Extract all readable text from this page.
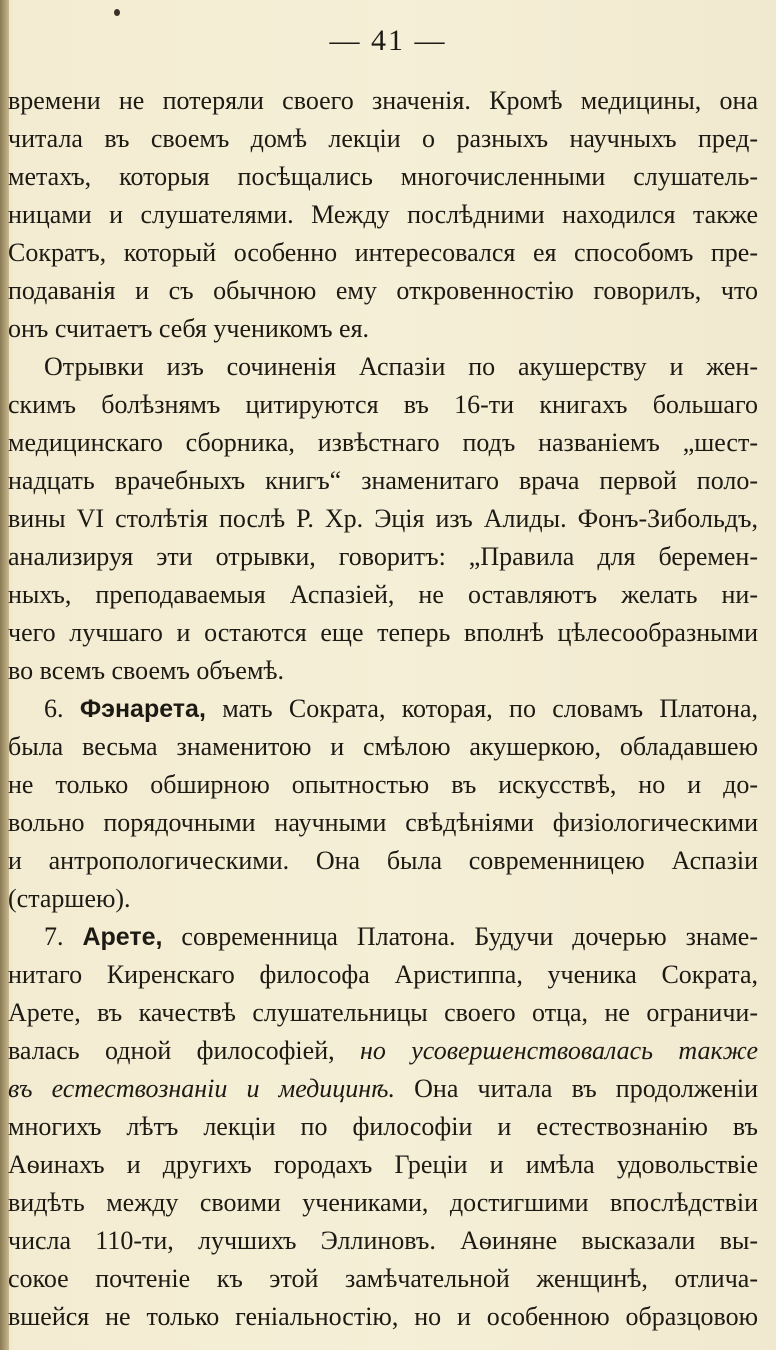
— 41 —
времени не потеряли своего значенія. Кромѣ медицины, она
читала въ своемъ домѣ лекціи о разныхъ научныхъ пред-
метахъ, которыя посѣщались многочисленными слушатель-
ницами и слушателями. Между послѣдними находился также
Сократъ, который особенно интересовался ея способомъ пре-
подаванія и съ обычною ему откровенностію говорилъ, что
онъ считаетъ себя ученикомъ ея.
Отрывки изъ сочиненія Аспазіи по акушерству и жен-
скимъ болѣзнямъ цитируются въ 16-ти книгахъ большаго
медицинскаго сборника, извѣстнаго подъ названіемъ „шест-
надцать врачебныхъ книгъ“ знаменитаго врача первой поло-
вины VI столѣтія послѣ Р. Хр. Эція изъ Алиды. Фонъ-Зибольдъ,
анализируя эти отрывки, говоритъ: „Правила для беремен-
ныхъ, преподаваемыя Аспазіей, не оставляютъ желать ни-
чего лучшаго и остаются еще теперь вполнѣ цѣлесообразными
во всемъ своемъ объемѣ.
6. Фэнарета, мать Сократа, которая, по словамъ Платона,
была весьма знаменитою и смѣлою акушеркою, обладавшею
не только обширною опытностью въ искусствѣ, но и до-
вольно порядочными научными свѣдѣніями физіологическими
и антропологическими. Она была современницею Аспазіи
(старшею).
7. Арете, современница Платона. Будучи дочерью знаме-
нитаго Киренскаго философа Аристиппа, ученика Сократа,
Арете, въ качествѣ слушательницы своего отца, не ограничи-
валась одной философіей, но усовершенствовалась также
въ естествознаніи и медицинѣ. Она читала въ продолженіи
многихъ лѣтъ лекціи по философіи и естествознанію въ
Аѳинахъ и другихъ городахъ Греціи и имѣла удовольствіе
видѣть между своими учениками, достигшими впослѣдствіи
числа 110-ти, лучшихъ Эллиновъ. Аѳиняне высказали вы-
сокое почтеніе къ этой замѣчательной женщинѣ, отлича-
вшейся не только геніальностію, но и особенною образцовою
